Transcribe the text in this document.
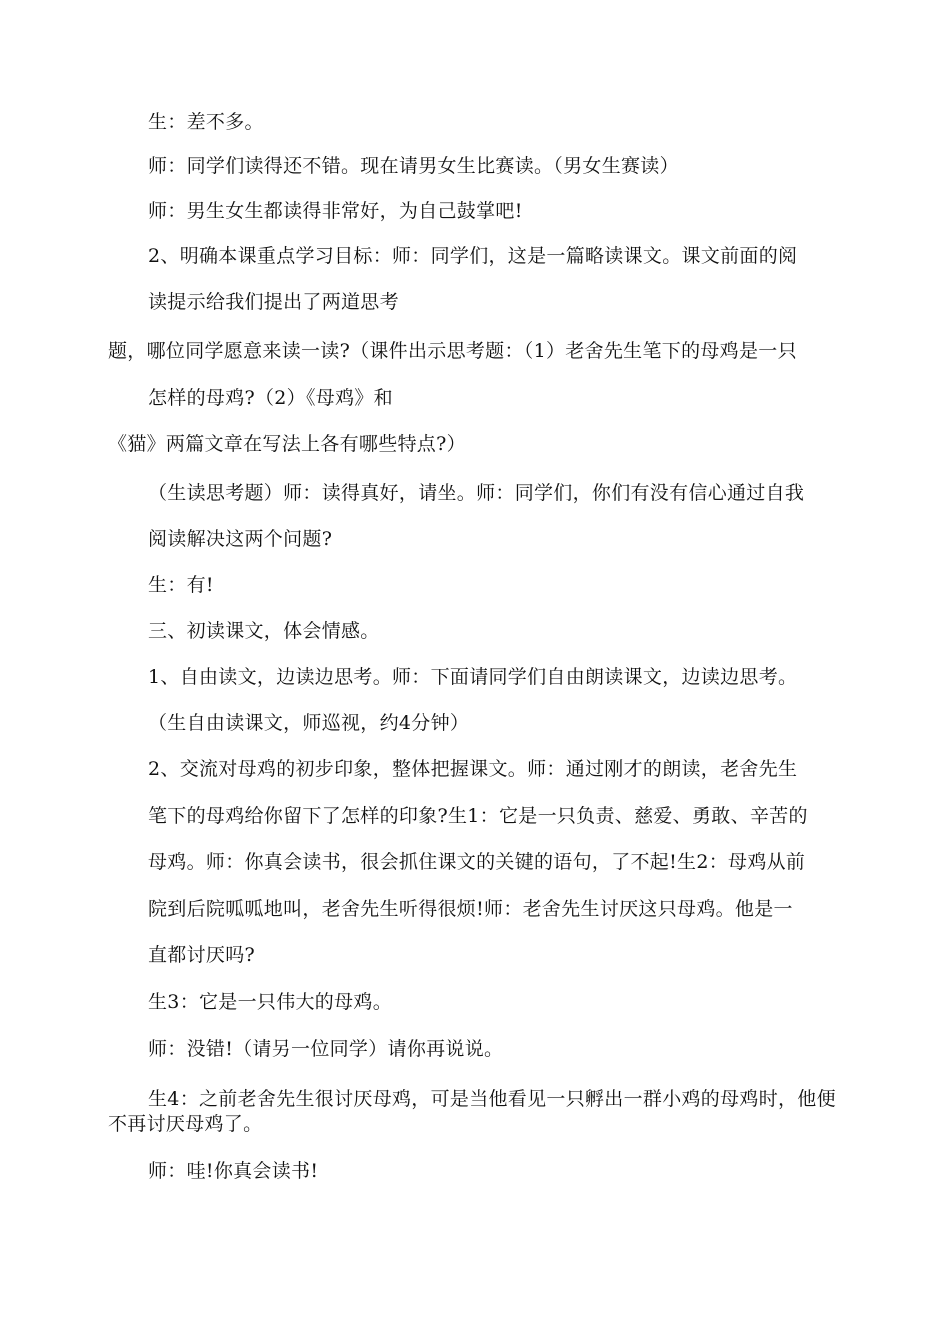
生：差不多。
师：同学们读得还不错。现在请男女生比赛读。（男女生赛读）
师：男生女生都读得非常好，为自己鼓掌吧!
2、明确本课重点学习目标：师：同学们，这是一篇略读课文。课文前面的阅
读提示给我们提出了两道思考
题，哪位同学愿意来读一读?（课件出示思考题：（1）老舍先生笔下的母鸡是一只
怎样的母鸡?（2）《母鸡》和
《猫》两篇文章在写法上各有哪些特点?）
（生读思考题）师：读得真好，请坐。师：同学们，你们有没有信心通过自我
阅读解决这两个问题?
生：有!
三、初读课文，体会情感。
1、自由读文，边读边思考。师：下面请同学们自由朗读课文，边读边思考。
（生自由读课文，师巡视，约4分钟）
2、交流对母鸡的初步印象，整体把握课文。师：通过刚才的朗读，老舍先生
笔下的母鸡给你留下了怎样的印象?生1：它是一只负责、慈爱、勇敢、辛苦的
母鸡。师：你真会读书，很会抓住课文的关键的语句，了不起!生2：母鸡从前
院到后院呱呱地叫，老舍先生听得很烦!师：老舍先生讨厌这只母鸡。他是一
直都讨厌吗?
生3：它是一只伟大的母鸡。
师：没错!（请另一位同学）请你再说说。
生4：之前老舍先生很讨厌母鸡，可是当他看见一只孵出一群小鸡的母鸡时，他便不再讨厌母鸡了。
师：哇!你真会读书!
